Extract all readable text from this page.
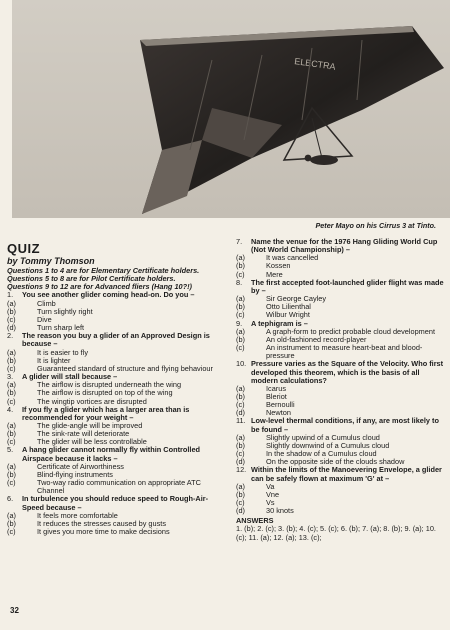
ELECTRA
Peter Mayo on his Cirrus 3 at Tinto.
QUIZ
by Tommy Thomson
Questions 1 to 4 are for Elementary Certificate holders.
Questions 5 to 8 are for Pilot Certificate holders.
Questions 9 to 12 are for Advanced fliers (Hang 10?!)
1. You see another glider coming head-on. Do you –
(a)	Climb
(b)	Turn slightly right
(c)	Dive
(d)	Turn sharp left
2. The reason you buy a glider of an Approved Design is because –
(a)	It is easier to fly
(b)	It is lighter
(c)	Guaranteed standard of structure and flying behaviour
3. A glider will stall because –
(a)	The airflow is disrupted underneath the wing
(b)	The airflow is disrupted on top of the wing
(c)	The wingtip vortices are disrupted
4. If you fly a glider which has a larger area than is recommended for your weight –
(a)	The glide-angle will be improved
(b)	The sink-rate will deteriorate
(c)	The glider will be less controllable
5. A hang glider cannot normally fly within Controlled Airspace because it lacks –
(a)	Certificate of Airworthiness
(b)	Blind-flying instruments
(c)	Two-way radio communication on appropriate ATC Channel
6. In turbulence you should reduce speed to Rough-Air-Speed because –
(a)	It feels more comfortable
(b)	It reduces the stresses caused by gusts
(c)	It gives you more time to make decisions
7. Name the venue for the 1976 Hang Gliding World Cup (Not World Championship) –
(a)	It was cancelled
(b)	Kossen
(c)	Mere
8. The first accepted foot-launched glider flight was made by –
(a)	Sir George Cayley
(b)	Otto Lilienthal
(c)	Wilbur Wright
9. A tephigram is –
(a)	A graph-form to predict probable cloud development
(b)	An old-fashioned record-player
(c)	An instrument to measure heart-beat and blood-pressure
10. Pressure varies as the Square of the Velocity. Who first developed this theorem, which is the basis of all modern calculations?
(a)	Icarus
(b)	Bleriot
(c)	Bernoulli
(d)	Newton
11. Low-level thermal conditions, if any, are most likely to be found –
(a)	Slightly upwind of a Cumulus cloud
(b)	Slightly downwind of a Cumulus cloud
(c)	In the shadow of a Cumulus cloud
(d)	On the opposite side of the clouds shadow
12. Within the limits of the Manoevering Envelope, a glider can be safely flown at maximum 'G' at –
(a)	Va
(b)	Vne
(c)	Vs
(d)	30 knots
ANSWERS
1. (b); 2. (c); 3. (b); 4. (c); 5. (c); 6. (b); 7. (a); 8. (b); 9. (a); 10. (c); 11. (a); 12. (a); 13. (c);
32
